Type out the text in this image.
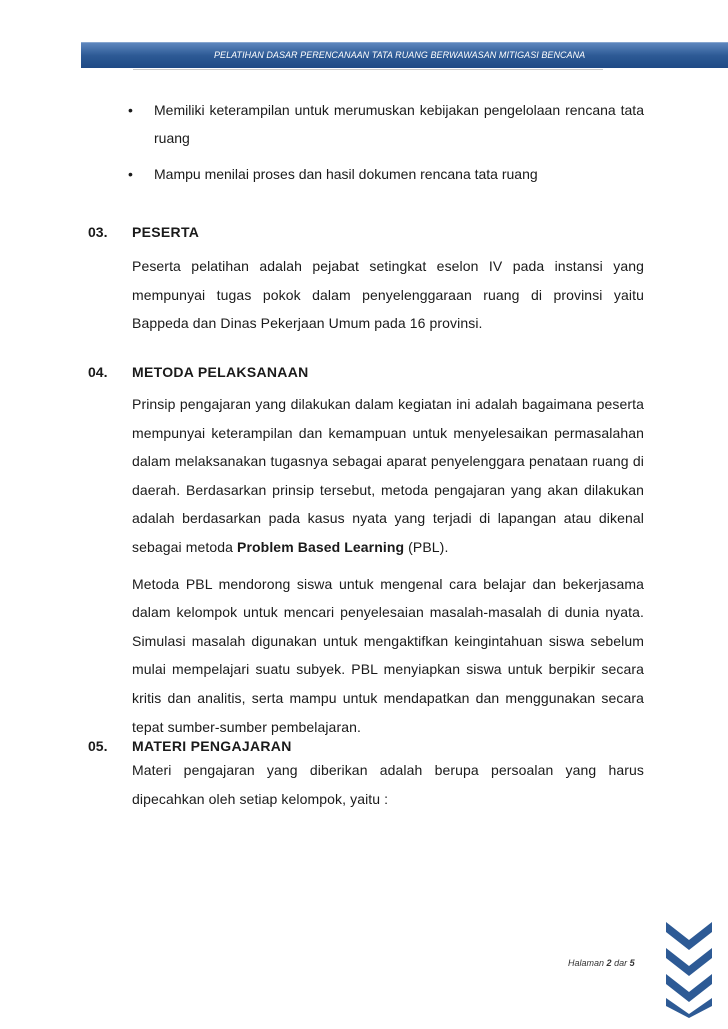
PELATIHAN DASAR PERENCANAAN TATA RUANG BERWAWASAN MITIGASI BENCANA
• Memiliki keterampilan untuk merumuskan kebijakan pengelolaan rencana tata ruang
• Mampu menilai proses dan hasil dokumen rencana tata ruang
03. PESERTA

Peserta pelatihan adalah pejabat setingkat eselon IV pada instansi yang mempunyai tugas pokok dalam penyelenggaraan ruang di provinsi yaitu Bappeda dan Dinas Pekerjaan Umum pada 16 provinsi.

04. METODA PELAKSANAAN

Prinsip pengajaran yang dilakukan dalam kegiatan ini adalah bagaimana peserta mempunyai keterampilan dan kemampuan untuk menyelesaikan permasalahan dalam melaksanakan tugasnya sebagai aparat penyelenggara penataan ruang di daerah. Berdasarkan prinsip tersebut, metoda pengajaran yang akan dilakukan adalah berdasarkan pada kasus nyata yang terjadi di lapangan atau dikenal sebagai metoda Problem Based Learning (PBL).

Metoda PBL mendorong siswa untuk mengenal cara belajar dan bekerjasama dalam kelompok untuk mencari penyelesaian masalah-masalah di dunia nyata. Simulasi masalah digunakan untuk mengaktifkan keingintahuan siswa sebelum mulai mempelajari suatu subyek. PBL menyiapkan siswa untuk berpikir secara kritis dan analitis, serta mampu untuk mendapatkan dan menggunakan secara tepat sumber-sumber pembelajaran.

05. MATERI PENGAJARAN

Materi pengajaran yang diberikan adalah berupa persoalan yang harus dipecahkan oleh setiap kelompok, yaitu :

Halaman 2 dar 5
